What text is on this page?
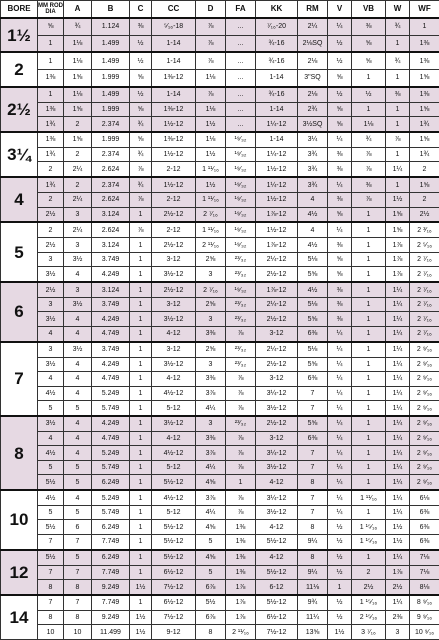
BORE	MM ROD DIA	A	B	C	CC	D	FA	KK	RM	V	VB	W	WF
1½	⅝	¾	1.124	⅜	⁵⁄₁₆-18	⅞	...	⁷⁄₁₆-20	2¼	¼	⅜	¾	1
	1	1⅛	1.499	½	1-14	⅞	...	¾-16	2⅛SQ	½	⅝	1	1⅜
2	1	1⅛	1.499	½	1-14	⅞	...	¾-16	2⅛	½	⅝	¾	1⅜
	1⅜	1⅝	1.999	⅝	1⅜-12	1⅛	...	1-14	3"SQ	⅝	1	1	1⅝
2½	1	1⅛	1.499	½	1-14	⅞	...	¾-16	2⅛	½	½	⅜	1⅜
	1⅜	1⅝	1.999	⅝	1⅜-12	1⅛	...	1-14	2¾	⅝	1	1	1⅝
	1¾	2	2.374	¾	1½-12	1½	...	1¼-12	3½SQ	⅝	1⅛	1	1¾
3¼	1⅜	1⅝	1.999	⅝	1⅜-12	1⅛	¹⁹⁄₃₂	1-14	3¼	¼	¾	⅞	1⅝
	1¾	2	2.374	¾	1½-12	1½	¹⁹⁄₃₂	1¼-12	3¾	⅜	⅞	1	1¾
	2	2¼	2.624	⅞	2-12	1 ¹¹⁄₁₆	¹⁹⁄₃₂	1½-12	3¾	⅜	⅞	1¼	2
4	1¾	2	2.374	¾	1½-12	1½	¹⁹⁄₃₂	1¼-12	3¾	¼	⅜	1	1⅝
	2	2¼	2.624	⅞	2-12	1 ¹¹⁄₁₆	¹⁹⁄₃₂	1½-12	4	⅜	⅞	1½	2
	2½	3	3.124	1	2½-12	2 ⁷⁄₁₆	¹⁹⁄₃₂	1⅞-12	4½	⅝	1	1⅝	2½
5	2	2¼	2.624	⅞	2-12	1 ¹¹⁄₁₆	¹⁹⁄₃₂	1½-12	4	¼	1	1⅝	2 ³⁄₁₆
	2½	3	3.124	1	2½-12	2 ¹¹⁄₁₆	¹⁹⁄₃₂	1⅞-12	4½	⅜	1	1⅞	2 ⁵⁄₁₆
	3	3½	3.749	1	3-12	2⅝	²³⁄₃₂	2¼-12	5⅛	⅝	1	1⅞	2 ⁷⁄₁₆
	3½	4	4.249	1	3½-12	3	²³⁄₃₂	2½-12	5⅝	⅝	1	1⅞	2 ⁷⁄₁₆
6	2½	3	3.124	1	2½-12	2 ⁷⁄₁₆	¹⁹⁄₃₂	1⅞-12	4½	⅜	1	1¼	2 ⁷⁄₁₆
	3	3½	3.749	1	3-12	2⅝	²³⁄₃₂	2¼-12	5⅛	⅜	1	1¼	2 ⁷⁄₁₆
	3½	4	4.249	1	3½-12	3	²³⁄₃₂	2½-12	5⅝	⅜	1	1¼	2 ⁷⁄₁₆
	4	4	4.749	1	4-12	3⅜	⅞	3-12	6⅜	¼	1	1¼	2 ⁷⁄₁₆
7	3	3½	3.749	1	3-12	2⅝	²³⁄₃₂	2¼-12	5⅛	¼	1	1¼	2 ⁹⁄₁₆
	3½	4	4.249	1	3½-12	3	²³⁄₃₂	2½-12	5⅝	¼	1	1¼	2 ⁹⁄₁₆
	4	4	4.749	1	4-12	3⅜	⅞	3-12	6⅜	¼	1	1¼	2 ⁹⁄₁₆
	4½	4	5.249	1	4½-12	3⅞	⅞	3¼-12	7	¼	1	1¼	2 ⁹⁄₁₆
	5	5	5.749	1	5-12	4¼	⅞	3½-12	7	¼	1	1¼	2 ⁹⁄₁₆
8	3½	4	4.249	1	3½-12	3	²³⁄₃₂	2½-12	5⅝	¼	1	1¼	2 ⁹⁄₁₆
	4	4	4.749	1	4-12	3⅜	⅞	3-12	6⅜	¼	1	1¼	2 ⁹⁄₁₆
	4½	4	5.249	1	4½-12	3⅞	⅞	3¼-12	7	¼	1	1¼	2 ⁹⁄₁₆
	5	5	5.749	1	5-12	4¼	⅞	3½-12	7	¼	1	1¼	2 ⁹⁄₁₆
	5½	5	6.249	1	5½-12	4⅝	1	4-12	8	¼	1	1¼	2 ⁹⁄₁₆
10	4½	4	5.249	1	4½-12	3⅞	⅞	3¼-12	7	¼	1 ¹¹⁄₁₆	1¼	6⅛
	5	5	5.749	1	5-12	4¼	⅞	3½-12	7	¼	1	1¼	6⅜
	5½	6	6.249	1	5½-12	4⅝	1⅜	4-12	8	½	1 ¹⁵⁄₁₆	1½	6⅜
	7	7	7.749	1	5½-12	5	1⅜	5½-12	9¼	½	1 ¹⁵⁄₁₆	1½	6⅜
12	5½	5	6.249	1	5½-12	4⅝	1⅜	4-12	8	½	1	1¼	7⅛
	7	7	7.749	1	6½-12	5	1⅜	5½-12	9¼	½	2	1⅞	7⅛
	8	8	9.249	1½	7½-12	6⅞	1⅞	6-12	11⅛	1	2½	2½	8⅛
14	7	7	7.749	1	6½-12	5½	1⅞	5½-12	9¾	½	1 ¹⁵⁄₁₆	1¼	8 ⁹⁄₁₆
	8	8	9.249	1½	7½-12	6⅞	1⅞	6½-12	11¼	½	2 ¹⁵⁄₁₆	2⅜	9 ⁹⁄₁₆
	10	10	11.499	1½	9-12	8	2 ¹¹⁄₁₆	7½-12	13⅝	1½	3 ⁷⁄₁₆	3	10 ⁹⁄₁₆
